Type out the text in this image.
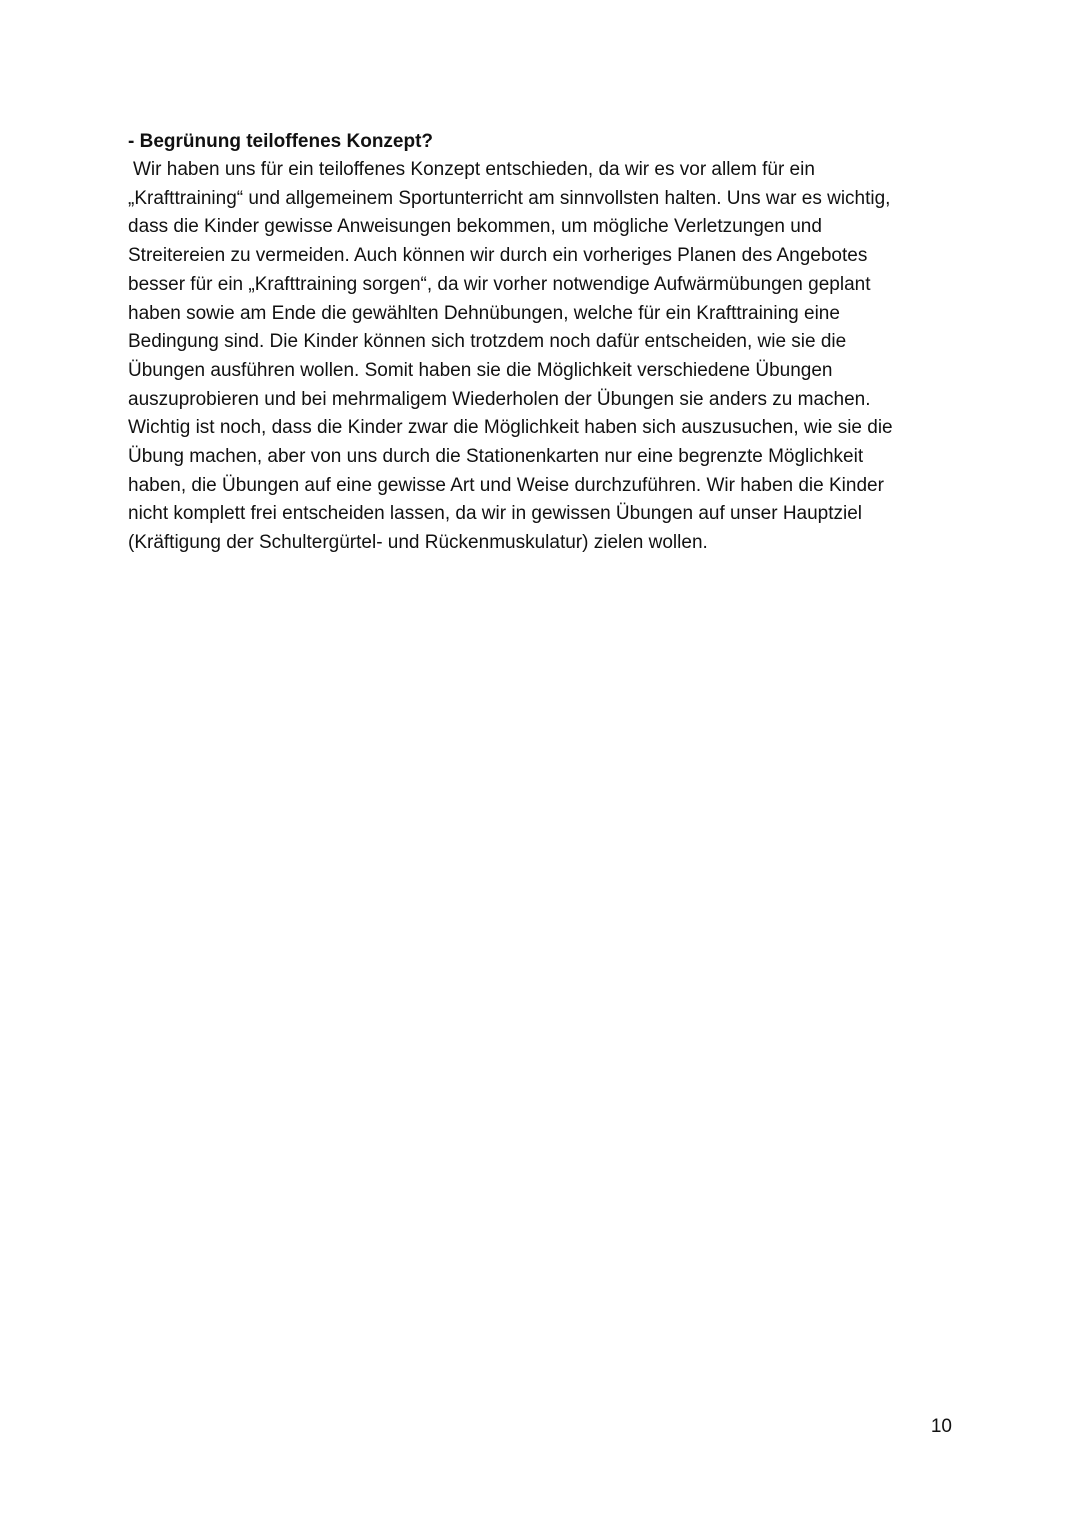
- Begrünung teiloffenes Konzept?

Wir haben uns für ein teiloffenes Konzept entschieden, da wir es vor allem für ein
„Krafttraining“ und allgemeinem Sportunterricht am sinnvollsten halten. Uns war es wichtig,
dass die Kinder gewisse Anweisungen bekommen, um mögliche Verletzungen und
Streitereien zu vermeiden. Auch können wir durch ein vorheriges Planen des Angebotes
besser für ein „Krafttraining sorgen“, da wir vorher notwendige Aufwärmübungen geplant
haben sowie am Ende die gewählten Dehnübungen, welche für ein Krafttraining eine
Bedingung sind. Die Kinder können sich trotzdem noch dafür entscheiden, wie sie die
Übungen ausführen wollen. Somit haben sie die Möglichkeit verschiedene Übungen
auszuprobieren und bei mehrmaligem Wiederholen der Übungen sie anders zu machen.
Wichtig ist noch, dass die Kinder zwar die Möglichkeit haben sich auszusuchen, wie sie die
Übung machen, aber von uns durch die Stationenkarten nur eine begrenzte Möglichkeit
haben, die Übungen auf eine gewisse Art und Weise durchzuführen. Wir haben die Kinder
nicht komplett frei entscheiden lassen, da wir in gewissen Übungen auf unser Hauptziel
(Kräftigung der Schultergürtel- und Rückenmuskulatur) zielen wollen.

10
